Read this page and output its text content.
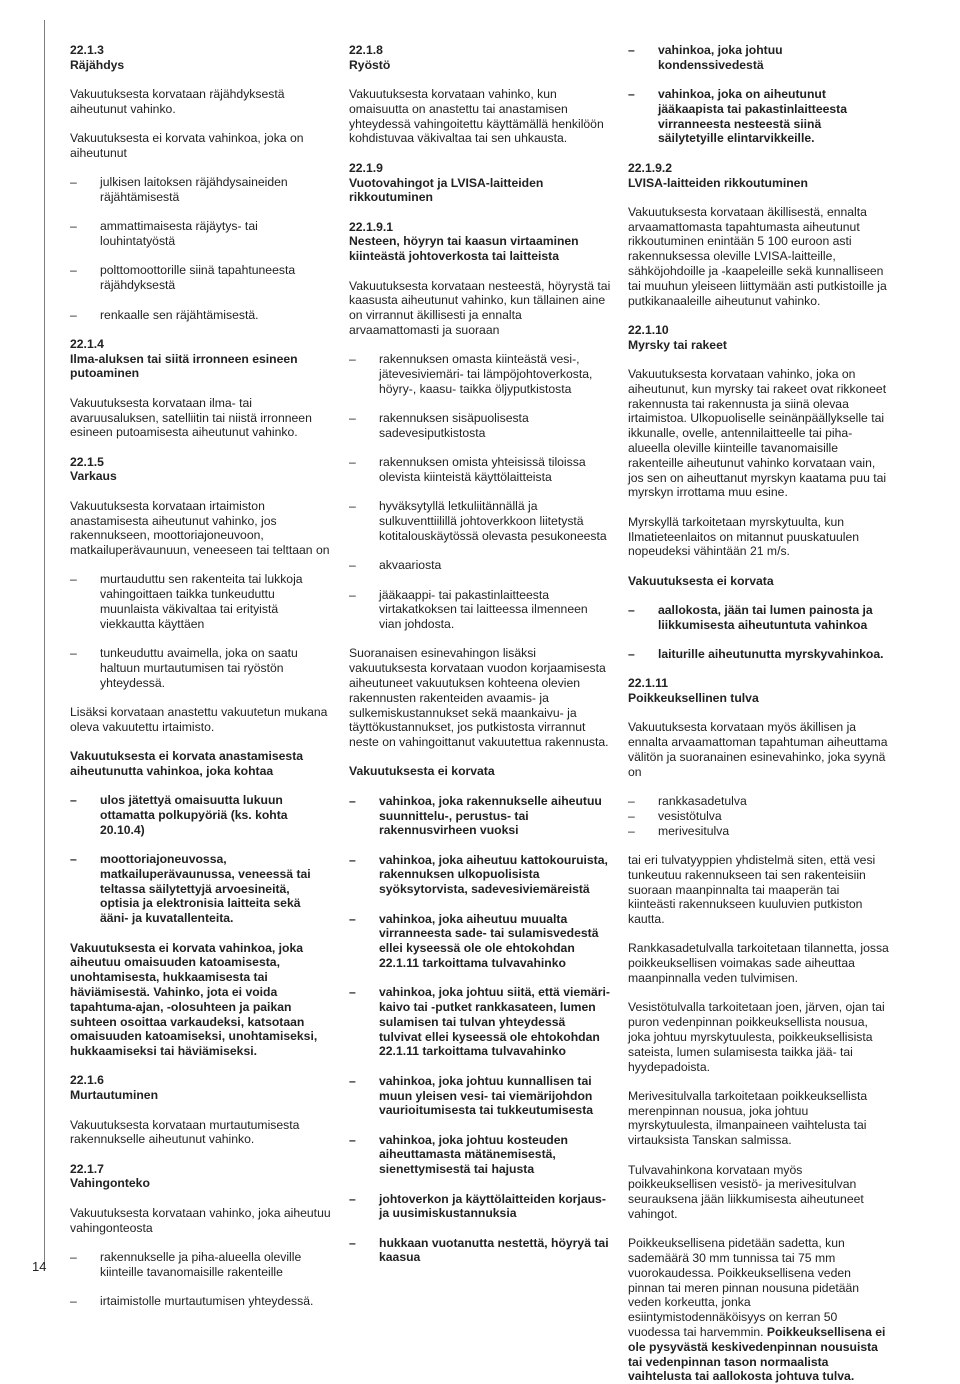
22.1.3

Räjähdys

Vakuutuksesta korvataan räjähdyksestä aiheutunut vahinko.

Vakuutuksesta ei korvata vahinkoa, joka on aiheutunut

– julkisen laitoksen räjähdysaineiden räjähtämisestä
– ammattimaisesta räjäytys- tai louhintatyöstä
– polttomoottorille siinä tapahtuneesta räjähdyksestä
– renkaalle sen räjähtämisestä.

22.1.4

Ilma-aluksen tai siitä irronneen esineen putoaminen

Vakuutuksesta korvataan ilma- tai avaruusaluksen, satelliitin tai niistä irronneen esineen putoamisesta aiheutunut vahinko.

22.1.5

Varkaus

Vakuutuksesta korvataan irtaimiston anastamisesta aiheutunut vahinko, jos rakennukseen, moottoriajoneuvoon, matkailuperävaunuun, veneeseen tai telttaan on

– murtauduttu sen rakenteita tai lukkoja vahingoittaen taikka tunkeuduttu muunlaista väkivaltaa tai erityistä viekkautta käyttäen
– tunkeuduttu avaimella, joka on saatu haltuun murtautumisen tai ryöstön yhteydessä.

Lisäksi korvataan anastettu vakuutetun mukana oleva vakuutettu irtaimisto.

Vakuutuksesta ei korvata anastamisesta aiheutunutta vahinkoa, joka kohtaa

– ulos jätettyä omaisuutta lukuun ottamatta polkupyöriä (ks. kohta 20.10.4)
– moottoriajoneuvossa, matkailuperävaunussa, veneessä tai teltassa säilytettyjä arvoesineitä, optisia ja elektronisia laitteita sekä ääni- ja kuvatallenteita.

Vakuutuksesta ei korvata vahinkoa, joka aiheutuu omaisuuden katoamisesta, unohtamisesta, hukkaamisesta tai häviämisestä. Vahinko, jota ei voida tapahtuma-ajan, -olosuhteen ja paikan suhteen osoittaa varkaudeksi, katsotaan omaisuuden katoamiseksi, unohtamiseksi, hukkaamiseksi tai häviämiseksi.

22.1.6

Murtautuminen

Vakuutuksesta korvataan murtautumisesta rakennukselle aiheutunut vahinko.

22.1.7

Vahingonteko

Vakuutuksesta korvataan vahinko, joka aiheutuu vahingonteosta

– rakennukselle ja piha-alueella oleville kiinteille tavanomaisille rakenteille
– irtaimistolle murtautumisen yhteydessä.

22.1.8

Ryöstö

Vakuutuksesta korvataan vahinko, kun omaisuutta on anastettu tai anastamisen yhteydessä vahingoitettu käyttämällä henkilöön kohdistuvaa väkivaltaa tai sen uhkausta.

22.1.9

Vuotovahingot ja LVISA-laitteiden rikkoutuminen

22.1.9.1

Nesteen, höyryn tai kaasun virtaaminen kiinteästä johtoverkosta tai laitteista

Vakuutuksesta korvataan nesteestä, höyrystä tai kaasusta aiheutunut vahinko, kun tällainen aine on virrannut äkillisesti ja ennalta arvaamattomasti ja suoraan

– rakennuksen omasta kiinteästä vesi-, jätevesiviemäri- tai lämpöjohtoverkosta, höyry-, kaasu- taikka öljyputkistosta
– rakennuksen sisäpuolisesta sadevesiputkistosta
– rakennuksen omista yhteisissä tiloissa olevista kiinteistä käyttölaitteista
– hyväksytyllä letkuliitännällä ja sulkuventtiilillä johtoverkkoon liitetystä kotitalouskäytössä olevasta pesukoneesta
– akvaariosta
– jääkaappi- tai pakastinlaitteesta virtakatkoksen tai laitteessa ilmenneen vian johdosta.

Suoranaisen esinevahingon lisäksi vakuutuksesta korvataan vuodon korjaamisesta aiheutuneet vakuutuksen kohteena olevien rakennusten rakenteiden avaamis- ja sulkemiskustannukset sekä maankaivu- ja täyttökustannukset, jos putkistosta virrannut neste on vahingoittanut vakuutettua rakennusta.

Vakuutuksesta ei korvata

– vahinkoa, joka rakennukselle aiheutuu suunnittelu-, perustus- tai rakennusvirheen vuoksi
– vahinkoa, joka aiheutuu kattokouruista, rakennuksen ulkopuolisista syöksytorvista, sadevesiviemäreistä
– vahinkoa, joka aiheutuu muualta virranneesta sade- tai sulamisvedestä ellei kyseessä ole ole ehtokohdan 22.1.11 tarkoittama tulvavahinko
– vahinkoa, joka johtuu siitä, että viemärikaivo tai -putket rankkasateen, lumen sulamisen tai tulvan yhteydessä tulvivat ellei kyseessä ole ehtokohdan 22.1.11 tarkoittama tulvavahinko
– vahinkoa, joka johtuu kunnallisen tai muun yleisen vesi- tai viemärijohdon vaurioitumisesta tai tukkeutumisesta
– vahinkoa, joka johtuu kosteuden aiheuttamasta mätänemisestä, sienettymisestä tai hajusta
– johtoverkon ja käyttölaitteiden korjaus- ja uusimiskustannuksia
– hukkaan vuotanutta nestettä, höyryä tai kaasua
– vahinkoa, joka johtuu kondenssivedestä
– vahinkoa, joka on aiheutunut jääkaapista tai pakastinlaitteesta virranneesta nesteestä siinä säilytetyille elintarvikkeille.

22.1.9.2

LVISA-laitteiden rikkoutuminen

Vakuutuksesta korvataan äkillisestä, ennalta arvaamattomasta tapahtumasta aiheutunut rikkoutuminen enintään 5 100 euroon asti rakennuksessa oleville LVISA-laitteille, sähköjohdoille ja -kaapeleille sekä kunnalliseen tai muuhun yleiseen liittymään asti putkistoille ja putkikanaaleille aiheutunut vahinko.

22.1.10

Myrsky tai rakeet

Vakuutuksesta korvataan vahinko, joka on aiheutunut, kun myrsky tai rakeet ovat rikkoneet rakennusta tai rakennusta ja siinä olevaa irtaimistoa. Ulkopuoliselle seinänpäällykselle tai ikkunalle, ovelle, antennilaitteelle tai pihaalueella oleville kiinteille tavanomaisille rakenteille aiheutunut vahinko korvataan vain, jos sen on aiheuttanut myrskyn kaatama puu tai myrskyn irrottama muu esine.

Myrskyllä tarkoitetaan myrskytuulta, kun Ilmatieteenlaitos on mitannut puuskatuulen nopeudeksi vähintään 21 m/s.

Vakuutuksesta ei korvata

– aallokosta, jään tai lumen painosta ja liikkumisesta aiheutuntuta vahinkoa
– laiturille aiheutunutta myrskyvahinkoa.

22.1.11

Poikkeuksellinen tulva

Vakuutuksesta korvataan myös äkillisen ja ennalta arvaamattoman tapahtuman aiheuttama välitön ja suoranainen esinevahinko, joka syynä on

– rankkasadetulva
– vesistötulva
– merivesitulva

tai eri tulvatyyppien yhdistelmä siten, että vesi tunkeutuu rakennukseen tai sen rakenteisiin suoraan maanpinnalta tai maaperän tai kiinteästi rakennukseen kuuluvien putkiston kautta.

Rankkasadetulvalla tarkoitetaan tilannetta, jossa poikkeuksellisen voimakas sade aiheuttaa maanpinnalla veden tulvimisen.

Vesistötulvalla tarkoitetaan joen, järven, ojan tai puron vedenpinnan poikkeuksellista nousua, joka johtuu myrskytuulesta, poikkeuksellisista sateista, lumen sulamisesta taikka jää- tai hyydepadoista.

Merivesitulvalla tarkoitetaan poikkeuksellista merenpinnan nousua, joka johtuu myrskytuulesta, ilmanpaineen vaihtelusta tai virtauksista Tanskan salmissa.

Tulvavahinkona korvataan myös poikkeuksellisen vesistö- ja merivesitulvan seurauksena jään liikkumisesta aiheutuneet vahingot.

Poikkeuksellisena pidetään sadetta, kun sademäärä 30 mm tunnissa tai 75 mm vuorokaudessa. Poikkeuksellisena veden pinnan tai meren pinnan nousuna pidetään veden korkeutta, jonka esiintymistodennäköisyys on kerran 50 vuodessa tai harvemmin. Poikkeuksellisena ei ole pysyvästä keskivedenpinnan nousuista tai vedenpinnan tason normaalista vaihtelusta tai aallokosta johtuva tulva.

14
